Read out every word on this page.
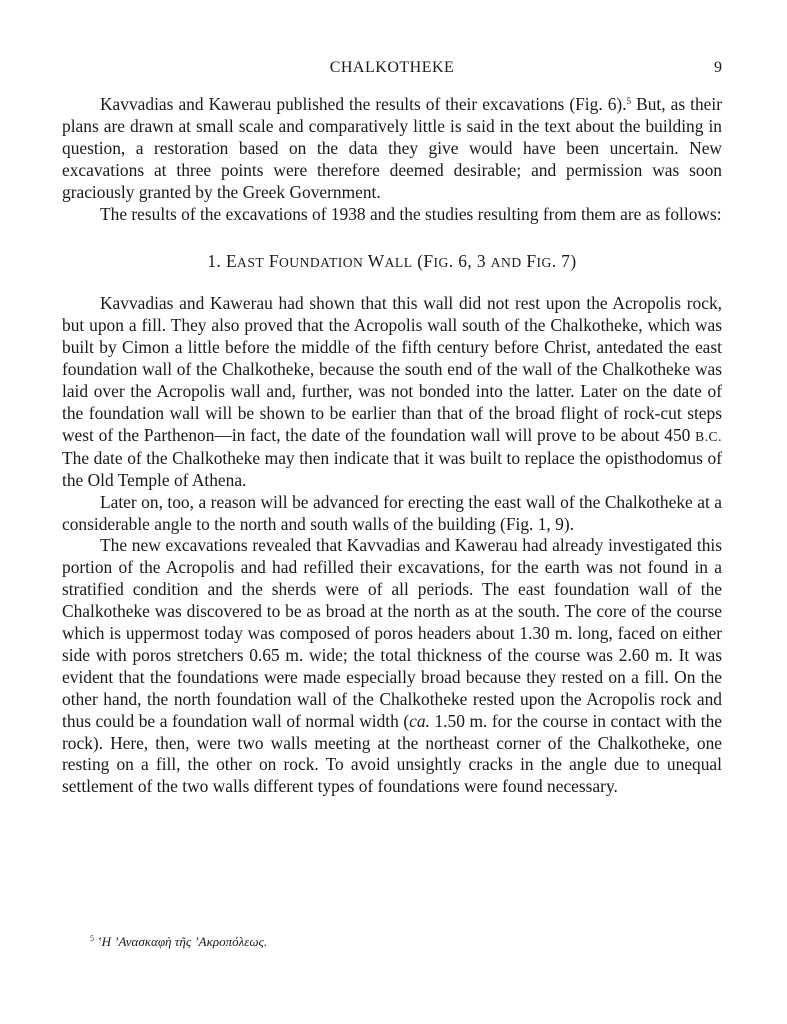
CHALKOTHEKE	9

Kavvadias and Kawerau published the results of their excavations (Fig. 6).$^5$ But, as their plans are drawn at small scale and comparatively little is said in the text about the building in question, a restoration based on the data they give would have been uncertain. New excavations at three points were therefore deemed desirable; and permission was soon graciously granted by the Greek Government.

The results of the excavations of 1938 and the studies resulting from them are as follows:

1. EAST FOUNDATION WALL (FIG. 6, 3 AND FIG. 7)

Kavvadias and Kawerau had shown that this wall did not rest upon the Acropolis rock, but upon a fill. They also proved that the Acropolis wall south of the Chalkotheke, which was built by Cimon a little before the middle of the fifth century before Christ, antedated the east foundation wall of the Chalkotheke, because the south end of the wall of the Chalkotheke was laid over the Acropolis wall and, further, was not bonded into the latter. Later on the date of the foundation wall will be shown to be earlier than that of the broad flight of rock-cut steps west of the Parthenon—in fact, the date of the foundation wall will prove to be about 450 B.C. The date of the Chalkotheke may then indicate that it was built to replace the opisthodomus of the Old Temple of Athena.

Later on, too, a reason will be advanced for erecting the east wall of the Chalkotheke at a considerable angle to the north and south walls of the building (Fig. 1, 9).

The new excavations revealed that Kavvadias and Kawerau had already investigated this portion of the Acropolis and had refilled their excavations, for the earth was not found in a stratified condition and the sherds were of all periods. The east foundation wall of the Chalkotheke was discovered to be as broad at the north as at the south. The core of the course which is uppermost today was composed of poros headers about 1.30 m. long, faced on either side with poros stretchers 0.65 m. wide; the total thickness of the course was 2.60 m. It was evident that the foundations were made especially broad because they rested on a fill. On the other hand, the north foundation wall of the Chalkotheke rested upon the Acropolis rock and thus could be a foundation wall of normal width (ca. 1.50 m. for the course in contact with the rock). Here, then, were two walls meeting at the northeast corner of the Chalkotheke, one resting on a fill, the other on rock. To avoid unsightly cracks in the angle due to unequal settlement of the two walls different types of foundations were found necessary.

$^5$ ʽΗ ʼΑνασκαφὴ τῆς ʼΑκροπόλεως.
